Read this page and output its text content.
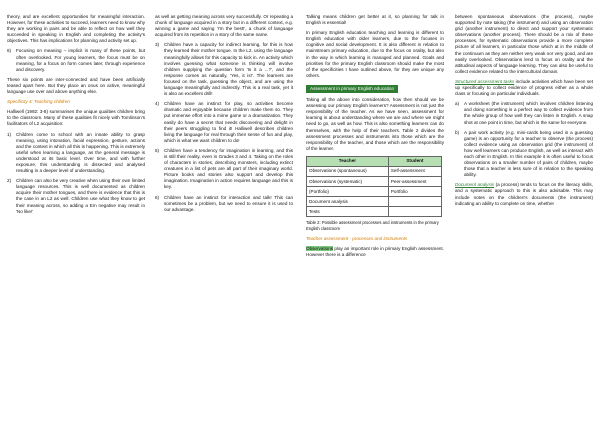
theory, and are excellent opportunities for meaningful interaction. However, for these activities to succeed, learners need to know why they are working in pairs and be able to reflect on how well they succeeded in speaking in English and completing the activity's objectives. This has implications for planning and activity set up.

6)	Focusing on meaning – implicit in many of these points, but often overlooked. For young learners, the focus must be on meaning, for a focus on form comes later, through experience and discovery.

These six points are inter-connected and have been artificially teased apart here. But they place an onus on active, meaningful language use over and above anything else.

Specificity 4: Teaching children

Halliwell (1992: 3-8) summarises the unique qualities children bring to the classroom. Many of these qualities fit nicely with Tomlinson's facilitators of L2 acquisition:

1)	Children come to school with an innate ability to grasp meaning, using intonation, facial expression, gesture, actions and the context in which all this is happening. This is extremely useful when learning a language, as the general message is understood at its basic level. Over time, and with further exposure, this understanding is dissected and analysed resulting in a deeper level of understanding.
2)	Children can also be very creative when using their own limited language resources. This is well documented as children acquire their mother tongues, and there is evidence that this is the case in an L2 as well. Children use what they know to get their meaning across, so adding a Em negative may result in 'No like!'

as well as getting meaning across very successfully. Or repeating a chunk of language acquired in a story but in a different context, e.g. winning a game and saying 'I'm the best!', a chunk of language acquired from its repetition in a story of the same name.

3)	Children have a capacity for indirect learning, for this is how they learned their mother tongue. In the L2, using the language meaningfully allows for this capacity to kick in. An activity which involves guessing what someone is thinking will involve children supplying the question form 'Is it a ...?', and the response comes as naturally, 'Yes, it is!'. The learners are focused on the task, guessing the object, and are using the language meaningfully and indirectly. This is a real task, yet it is also an excellent drill!
4)	Children have an instinct for play, so activities become dramatic and enjoyable because children make them so. They put immense effort into a mime game or a dramatization. They easily do have a secret that needs discovering and delight in their peers struggling to find it! Halliwell describes children living the language for real through their sense of fun and play, which is what we want children to do!
5)	Children have a tendency for imagination in learning, and this is still their reality, even in Grades 3 and 4. Taking on the roles of characters in stories, describing monsters, including extinct creatures in a list of pets are all part of their imaginary world. Picture books and stories also support and develop this imagination. Imagination in action requires language and this is key.
6)	Children have an instinct for interaction and talk! This can sometimes be a problem, but we need to ensure it is used to our advantage.

Talking means children get better at it, so planning for talk in English is essential!

In primary English education teaching and learning is different to English education with older learners, due to the focuses in cognitive and social development. It is also different in relation to mainstream primary education, due to the focus on orality, but also in the way in which learning is managed and planned. Goals and priorities for the primary English classroom should make the most of the specificities I have outlined above, for they are unique any others.

Assessment in primary English education

Taking all the above into consideration, how then should we be assessing our primary English learners? Assessment is not just the responsibility of the teacher. As we have seen, assessment for learning is about understanding where we are and where we might need to go, as well as how. This is also something learners can do themselves, with the help of their teachers. Table 2 divides the assessment processes and instruments into those which are the responsibility of the teacher, and those which are the responsibility of the learner.

Teacher	Student
Observations (spontaneous)	Self-assessment
Observations (systematic)	Peer-assessment
(Portfolio)	Portfolio
Document analysis	
Tests	
Table 2: Possible assessment processes and instruments in the primary English classroom
Teacher assessment - processes and instruments

Observations play an important role in primary English assessment. However there is a difference

between spontaneous observations (the process), maybe supported by note taking (the instrument) and using an observation grid (another instrument) to direct and support your systematic observations (another process). There should be a mix of these processes, for systematic observations provide a more complete picture of all learners, in particular those which at in the middle of the continuum as they are neither very weak nor very good, and are easily overlooked. Observations lend to focus on orality and the attitudinal aspects of language learning. They can also be useful to collect evidence related to the intercultural domain.

Structured assessment tasks include activities which have been set up specifically to collect evidence of progress either as a whole class or focusing on particular individuals.

a)	A worksheet (the instrument) which involves children listening and doing something is a perfect way to collect evidence from the whole group of how well they can listen in English. A snap shot at one point in time, but which is the same for everyone.
b)	A pair work activity (e.g. mini-cards being used in a guessing game) is an opportunity for a teacher to observe (the process) collect evidence using an observation grid (the instrument) of how well learners can produce English, as well as interact with each other in English. In this example it is often useful to focus observations on a smaller number of pairs of children, maybe those that a teacher is less sure of in relation to the speaking ability.

Document analysis (a process) tends to focus on the literacy skills, and a systematic approach to this is also advisable. This may include notes on the children's documents (the instrument) indicating an ability to complete on time, whether
